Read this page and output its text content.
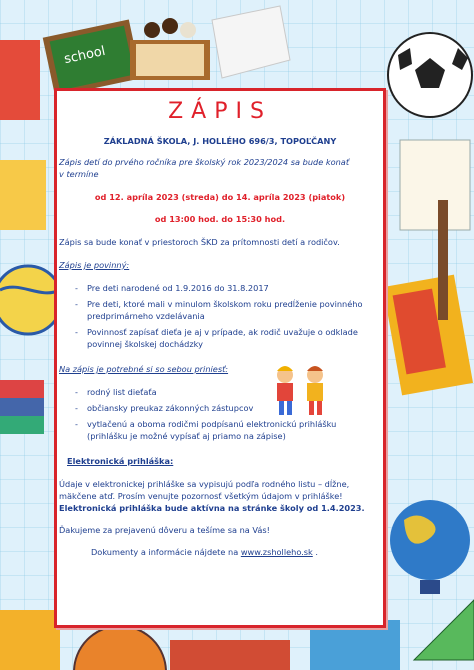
school
ZÁPIS
ZÁKLADNÁ ŠKOLA, J. HOLLÉHO 696/3, TOPOĽČANY
Zápis detí do prvého ročníka pre školský rok 2023/2024 sa bude konať
v termíne
od 12. apríla 2023 (streda) do 14. apríla 2023 (piatok)
od 13:00 hod. do 15:30 hod.
Zápis sa bude konať v priestoroch ŠKD za prítomnosti detí a rodičov.
Zápis je povinný:
- Pre deti narodené od 1.9.2016 do 31.8.2017
- Pre deti, ktoré mali v minulom školskom roku predĺženie povinného
predprimárneho vzdelávania
- Povinnosť zapísať dieťa je aj v prípade, ak rodič uvažuje o odklade
povinnej školskej dochádzky
Na zápis je potrebné si so sebou priniesť:
- rodný list dieťaťa
- občiansky preukaz zákonných zástupcov
- vytlačenú a oboma rodičmi podpísanú elektronickú prihlášku
(prihlášku je možné vypísať aj priamo na zápise)
Elektronická prihláška:
Údaje v elektronickej prihláške sa vypisujú podľa rodného listu – dĺžne,
mäkčene atď. Prosím venujte pozornosť všetkým údajom v prihláške!
Elektronická prihláška bude aktívna na stránke školy od 1.4.2023.
Ďakujeme za prejavenú dôveru a tešíme sa na Vás!
Dokumenty a informácie nájdete na www.zsholleho.sk .
